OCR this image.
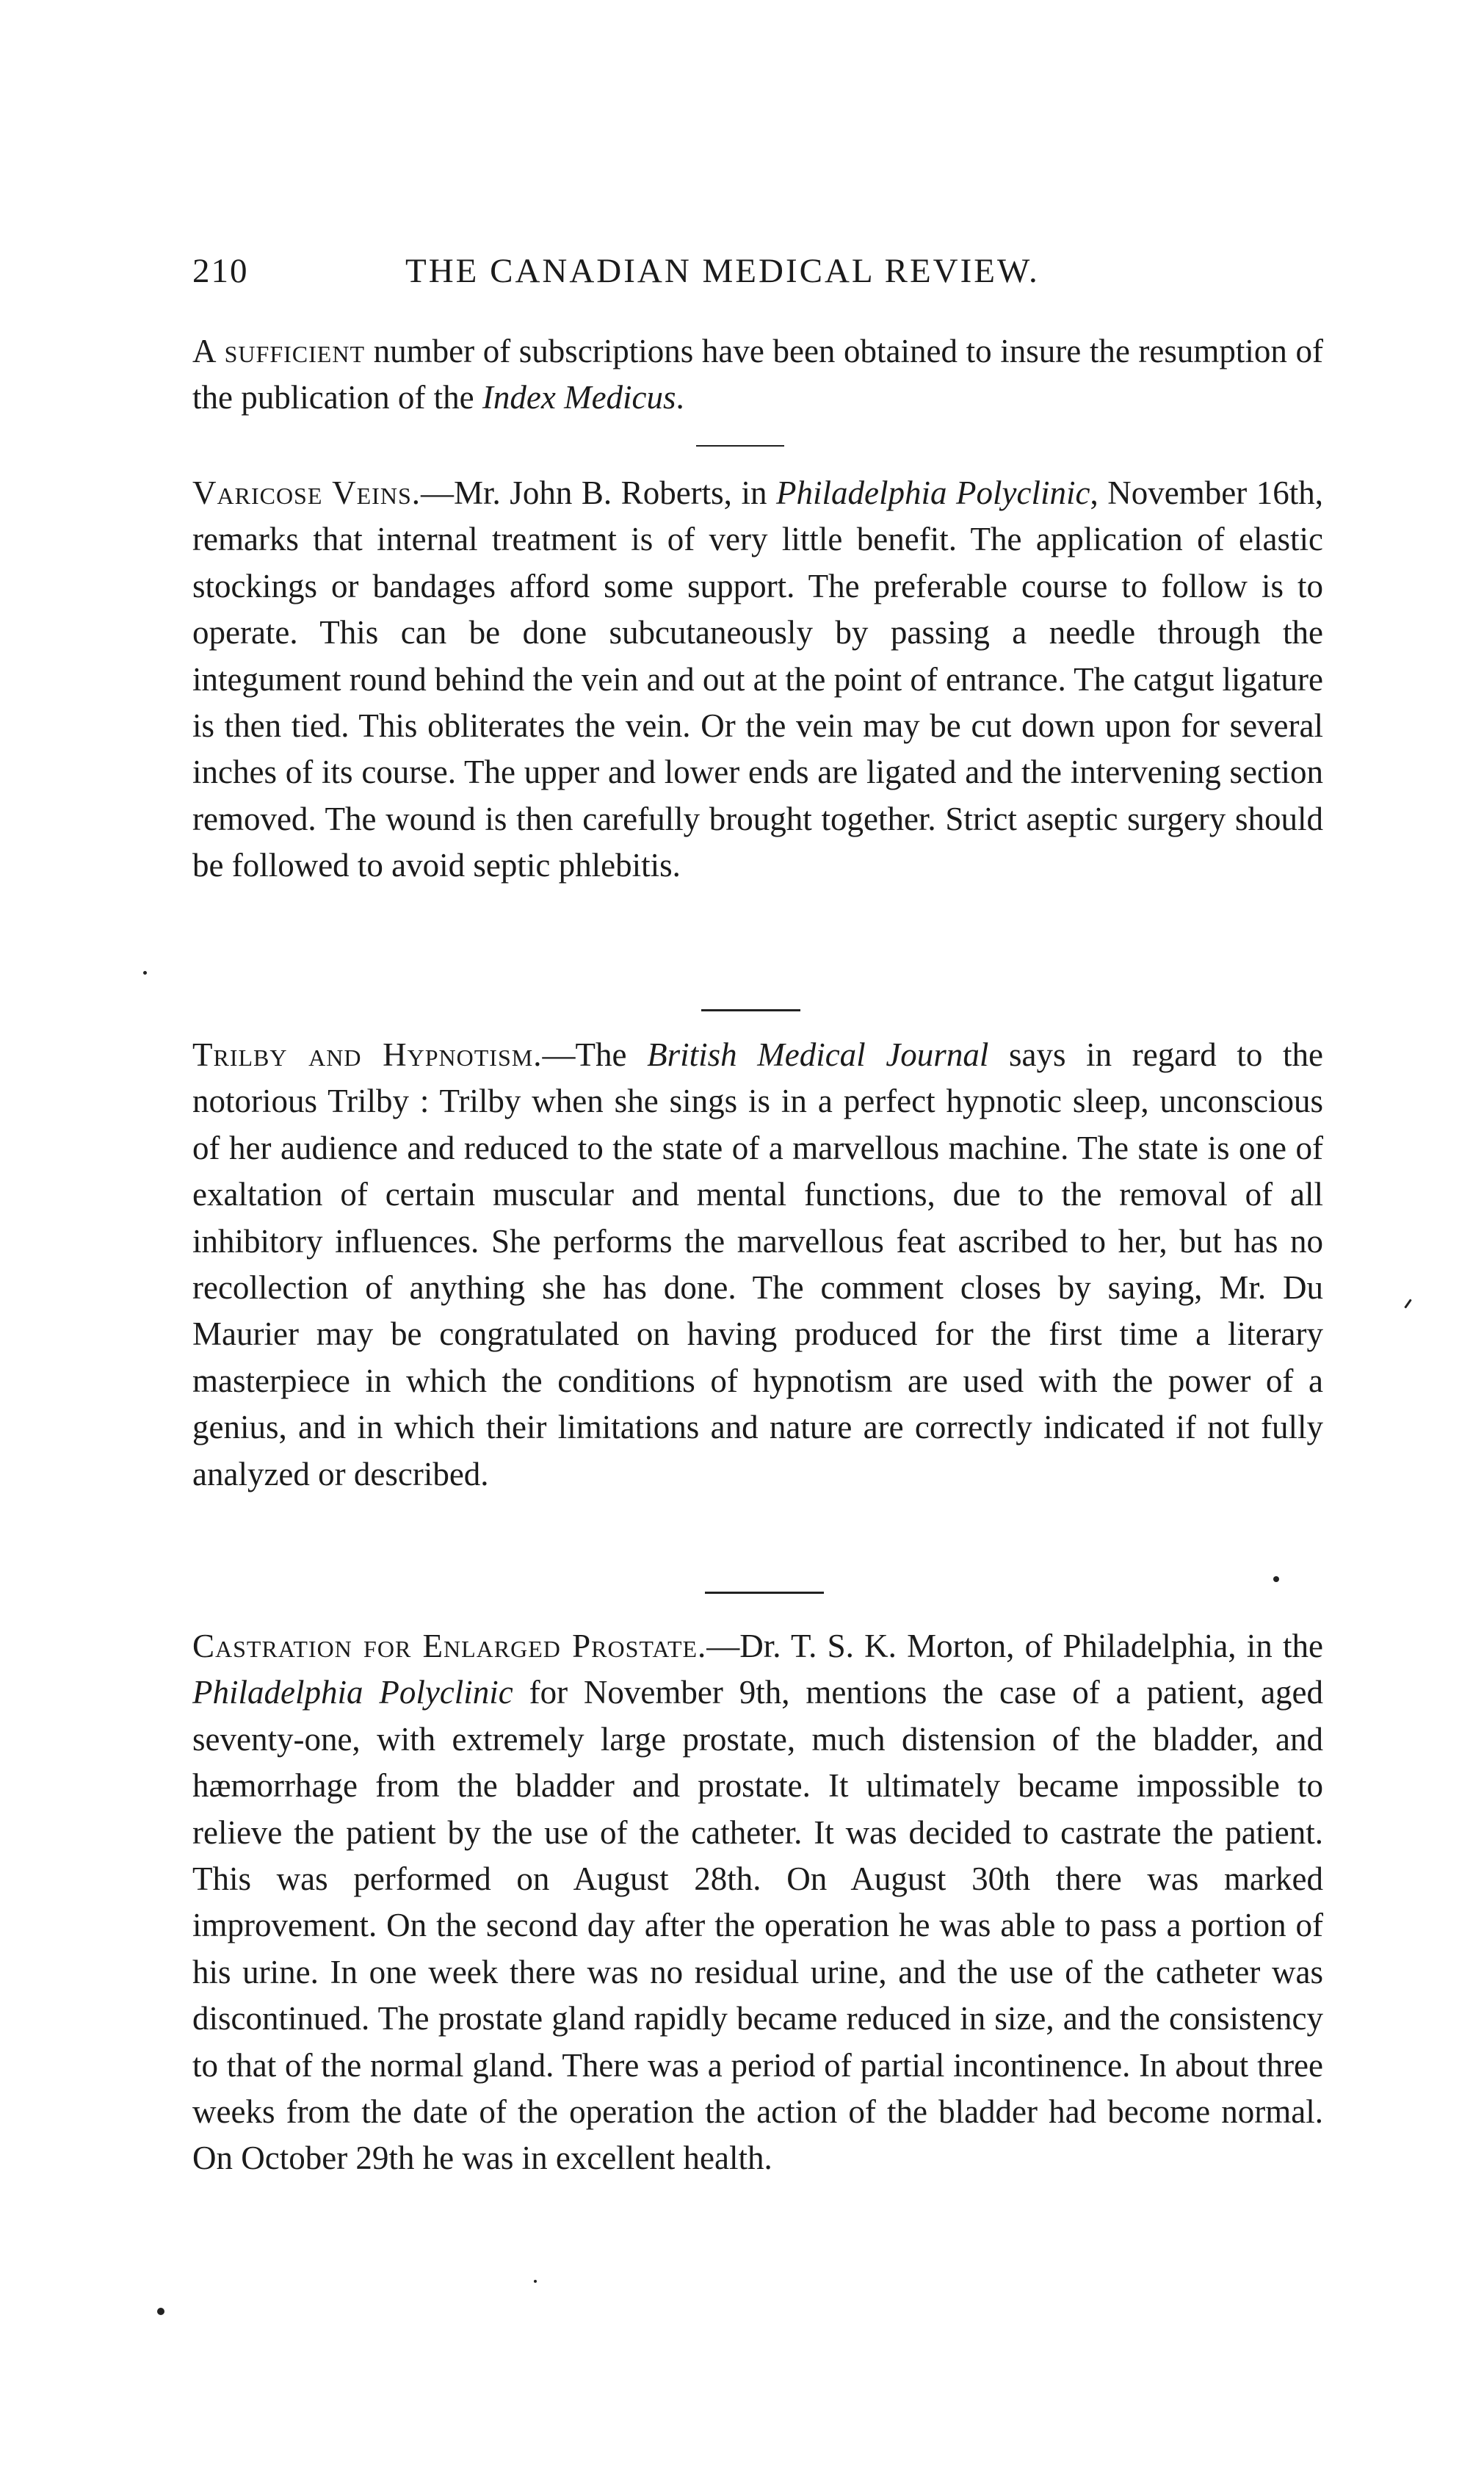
210	THE CANADIAN MEDICAL REVIEW.

A sufficient number of subscriptions have been obtained to insure the resumption of the publication of the Index Medicus.

Varicose Veins.—Mr. John B. Roberts, in Philadelphia Polyclinic, November 16th, remarks that internal treatment is of very little benefit. The application of elastic stockings or bandages afford some support. The preferable course to follow is to operate. This can be done subcutaneously by passing a needle through the integument round behind the vein and out at the point of entrance. The catgut ligature is then tied. This obliterates the vein. Or the vein may be cut down upon for several inches of its course. The upper and lower ends are ligated and the intervening section removed. The wound is then carefully brought together. Strict aseptic surgery should be followed to avoid septic phlebitis.

Trilby and Hypnotism.—The British Medical Journal says in regard to the notorious Trilby : Trilby when she sings is in a perfect hypnotic sleep, unconscious of her audience and reduced to the state of a marvellous machine. The state is one of exaltation of certain muscular and mental functions, due to the removal of all inhibitory influences. She performs the marvellous feat ascribed to her, but has no recollection of anything she has done. The comment closes by saying, Mr. Du Maurier may be congratulated on having produced for the first time a literary masterpiece in which the conditions of hypnotism are used with the power of a genius, and in which their limitations and nature are correctly indicated if not fully analyzed or described.

Castration for Enlarged Prostate.—Dr. T. S. K. Morton, of Philadelphia, in the Philadelphia Polyclinic for November 9th, mentions the case of a patient, aged seventy-one, with extremely large prostate, much distension of the bladder, and hæmorrhage from the bladder and prostate. It ultimately became impossible to relieve the patient by the use of the catheter. It was decided to castrate the patient. This was performed on August 28th. On August 30th there was marked improvement. On the second day after the operation he was able to pass a portion of his urine. In one week there was no residual urine, and the use of the catheter was discontinued. The prostate gland rapidly became reduced in size, and the consistency to that of the normal gland. There was a period of partial incontinence. In about three weeks from the date of the operation the action of the bladder had become normal. On October 29th he was in excellent health.
